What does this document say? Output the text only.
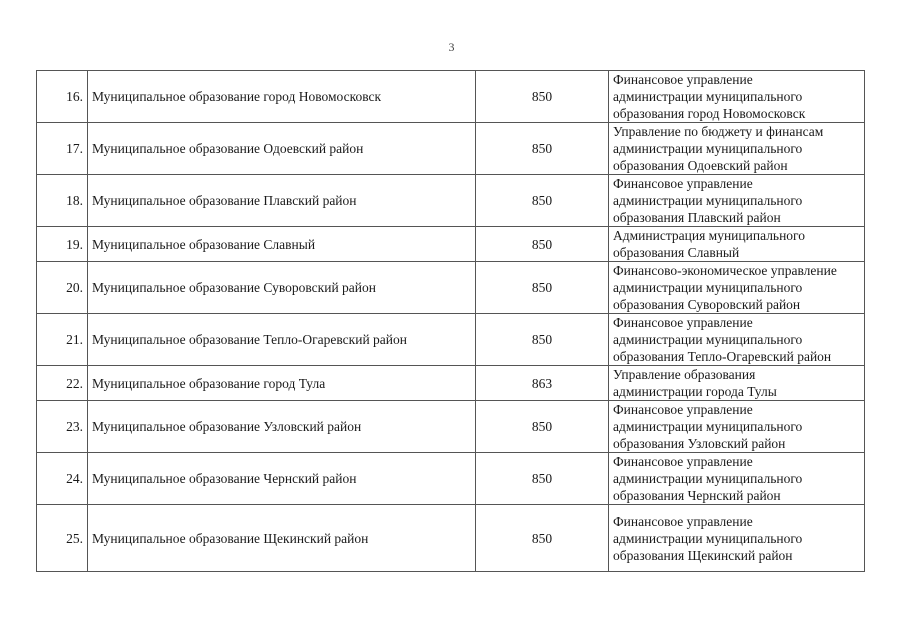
3
16.	Муниципальное образование город Новомосковск	850	Финансовое управление
администрации муниципального
образования город Новомосковск

17.	Муниципальное образование Одоевский район	850	Управление по бюджету и финансам
администрации муниципального
образования Одоевский район

18.	Муниципальное образование Плавский район	850	Финансовое управление
администрации муниципального
образования Плавский район

19.	Муниципальное образование Славный	850	Администрация муниципального
образования Славный

20.	Муниципальное образование Суворовский район	850	Финансово-экономическое управление
администрации муниципального
образования Суворовский район

21.	Муниципальное образование Тепло-Огаревский район	850	Финансовое управление
администрации муниципального
образования Тепло-Огаревский район

22.	Муниципальное образование город Тула	863	Управление образования
администрации города Тулы

23.	Муниципальное образование Узловский район	850	Финансовое управление
администрации муниципального
образования Узловский район

24.	Муниципальное образование Чернский район	850	Финансовое управление
администрации муниципального
образования Чернский район

25.	Муниципальное образование Щекинский район	850	Финансовое управление
администрации муниципального
образования Щекинский район
